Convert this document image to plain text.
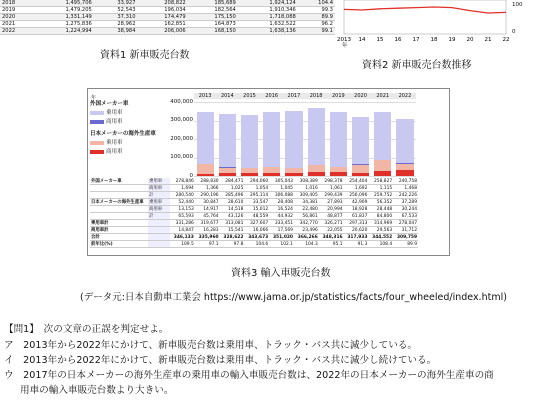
2018	1,495,706	33,927	208,822	185,689	1,924,124	104.4
2019	1,479,205	52,543	196,034	182,564	1,910,346	99.3
2020	1,331,149	37,310	174,479	175,150	1,718,088	89.9
2021	1,275,836	28,962	162,851	164,873	1,632,522	96.2
2022	1,224,994	38,984	206,006	168,150	1,638,136	99.1
2013 14 15 16 17 18 19 20 21 22
年
100
0
資料1 新車販売台数
資料2 新車販売台数推移
年	2013	2014	2015	2016	2017	2018	2019	2020	2021	2022
外国メーカー車
乗用車
商用車
日本メーカーの海外生産車
乗用車
商用車
400,000
300,000
200,000
100,000
0
外国メーカー車	乗用車	278,846	288,830	284,471	294,060	305,043	308,389	298,378	254,404	258,827	240,758
	商用車	1,694	1,366	1,025	1,054	1,045	1,016	1,061	1,692	1,115	1,468
	計	280,540	290,196	285,496	295,114	306,088	309,405	299,439	256,096	259,752	242,226
日本メーカーの海外生産車	乗用車	52,440	30,847	28,610	33,547	28,408	34,381	27,893	42,909	56,352	37,289
	商用車	13,153	14,917	14,518	15,012	16,524	22,480	20,994	18,928	28,448	30,244
	計	65,593	45,764	43,126	48,559	44,932	56,861	48,877	61,837	84,800	67,533
乗用車計		331,286	319,677	313,081	327,607	333,451	342,770	326,271	297,313	314,969	278,047
商用車計		14,847	16,283	15,541	16,066	17,569	23,496	22,055	20,620	29,563	31,712
合計		346,133	335,960	328,622	343,673	351,020	366,266	348,316	317,933	344,552	309,759
前年比(%)		109.5	97.1	97.8	104.6	102.1	104.3	95.1	91.3	108.4	89.9
資料3 輸入車販売台数
(データ元:日本自動車工業会 https://www.jama.or.jp/statistics/facts/four_wheeled/index.html)
【問1】　次の文章の正誤を判定せよ。
ア　2013年から2022年にかけて、新車販売台数は乗用車、トラック・バス共に減少している。
イ　2013年から2022年にかけて、新車販売台数は乗用車、トラック・バス共に減少し続けている。
ウ　2017年の日本メーカーの海外生産車の乗用車の輸入車販売台数は、2022年の日本メーカーの海外生産車の商
用車の輸入車販売台数より大きい。
